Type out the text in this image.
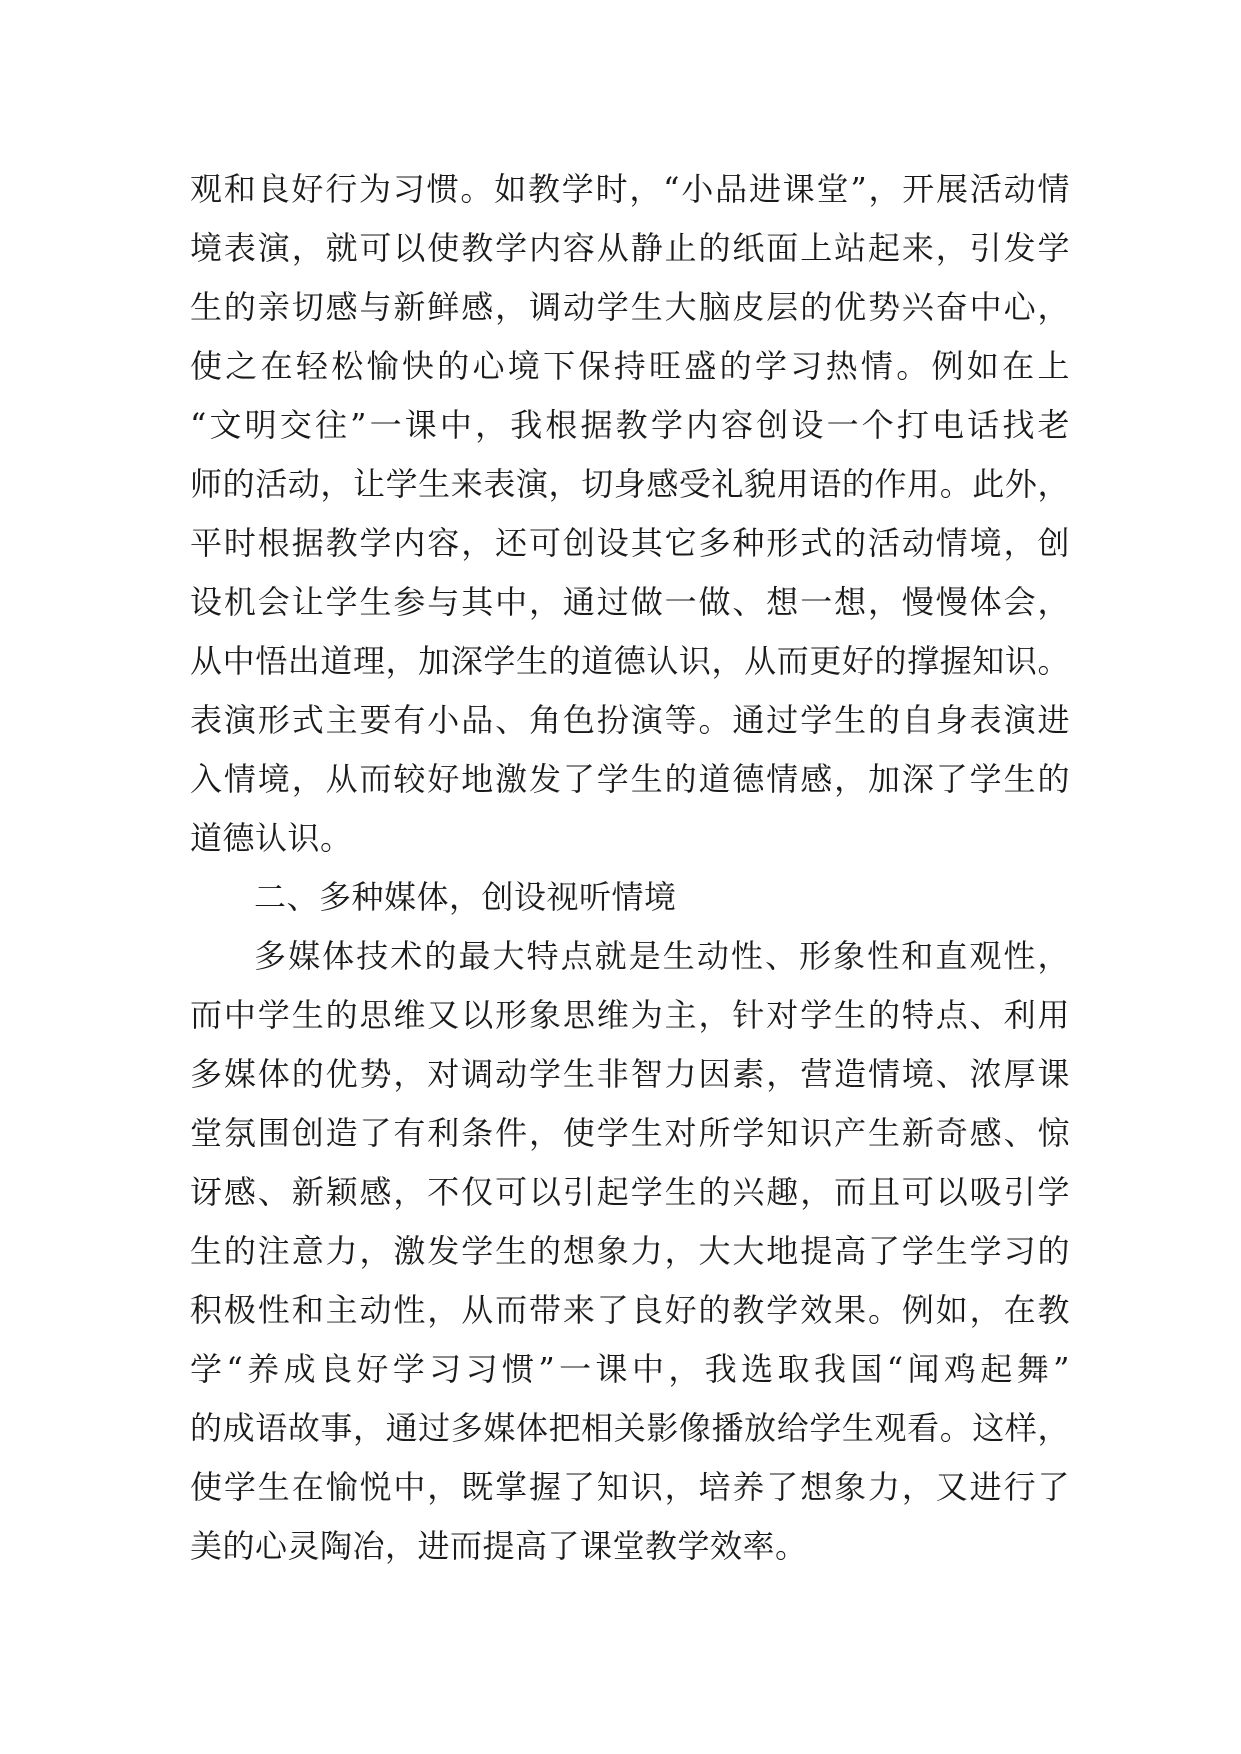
观和良好行为习惯。如教学时，“小品进课堂”，开展活动情
境表演，就可以使教学内容从静止的纸面上站起来，引发学
生的亲切感与新鲜感，调动学生大脑皮层的优势兴奋中心，
使之在轻松愉快的心境下保持旺盛的学习热情。例如在上
“文明交往”一课中，我根据教学内容创设一个打电话找老
师的活动，让学生来表演，切身感受礼貌用语的作用。此外，
平时根据教学内容，还可创设其它多种形式的活动情境，创
设机会让学生参与其中，通过做一做、想一想，慢慢体会，
从中悟出道理，加深学生的道德认识，从而更好的撑握知识。
表演形式主要有小品、角色扮演等。通过学生的自身表演进
入情境，从而较好地激发了学生的道德情感，加深了学生的
道德认识。
二、多种媒体，创设视听情境
多媒体技术的最大特点就是生动性、形象性和直观性，
而中学生的思维又以形象思维为主，针对学生的特点、利用
多媒体的优势，对调动学生非智力因素，营造情境、浓厚课
堂氛围创造了有利条件，使学生对所学知识产生新奇感、惊
讶感、新颖感，不仅可以引起学生的兴趣，而且可以吸引学
生的注意力，激发学生的想象力，大大地提高了学生学习的
积极性和主动性，从而带来了良好的教学效果。例如，在教
学“养成良好学习习惯”一课中，我选取我国“闻鸡起舞”
的成语故事，通过多媒体把相关影像播放给学生观看。这样，
使学生在愉悦中，既掌握了知识，培养了想象力，又进行了
美的心灵陶冶，进而提高了课堂教学效率。
